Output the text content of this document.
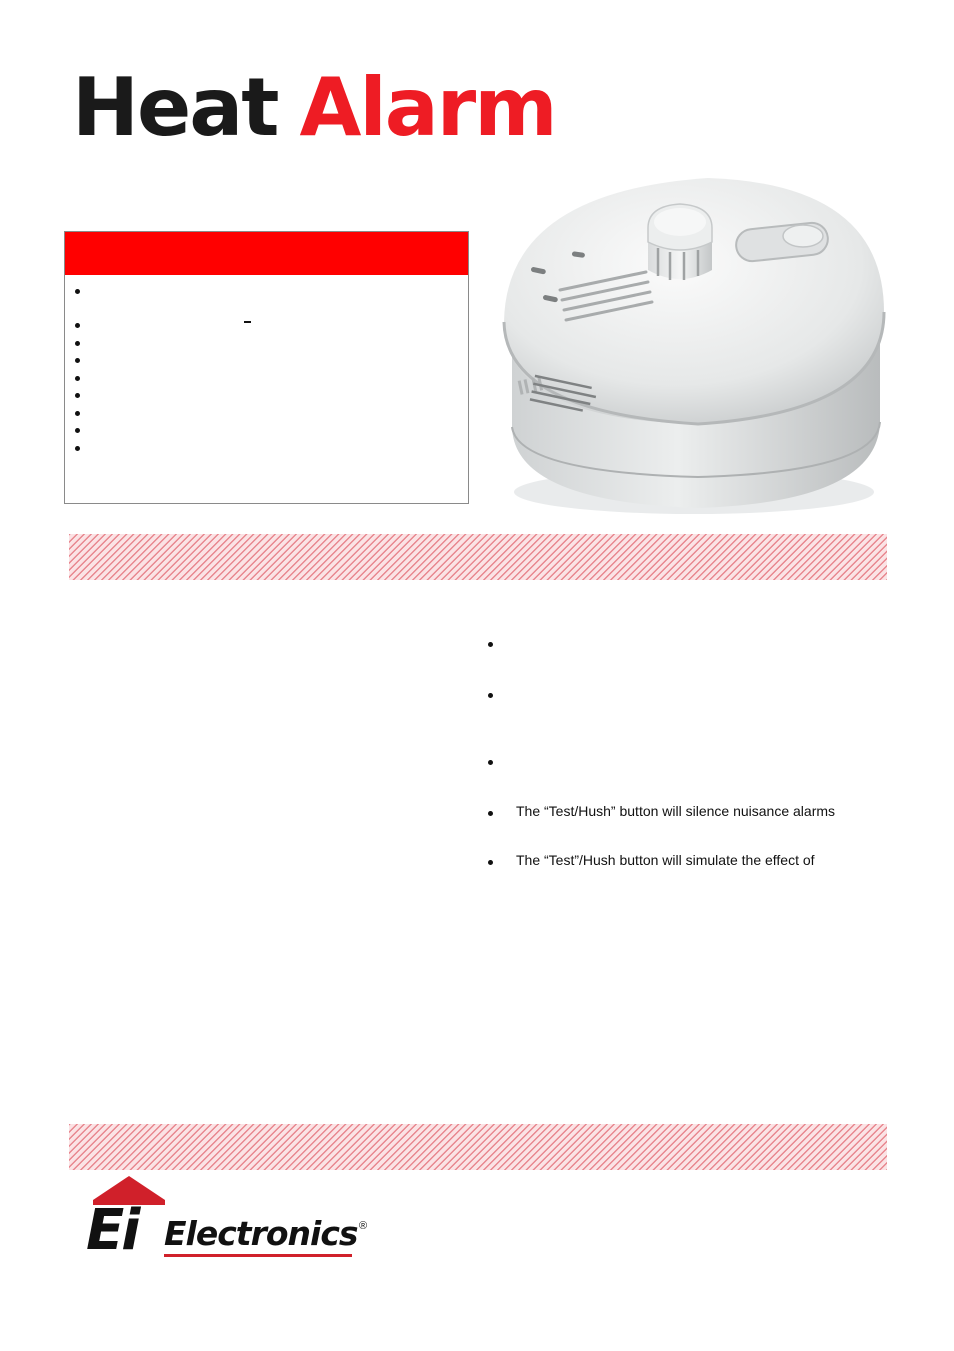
Heat Alarm
The “Test/Hush” button will silence nuisance alarms
The “Test”/Hush button will simulate the effect of
Ei Electronics ®
